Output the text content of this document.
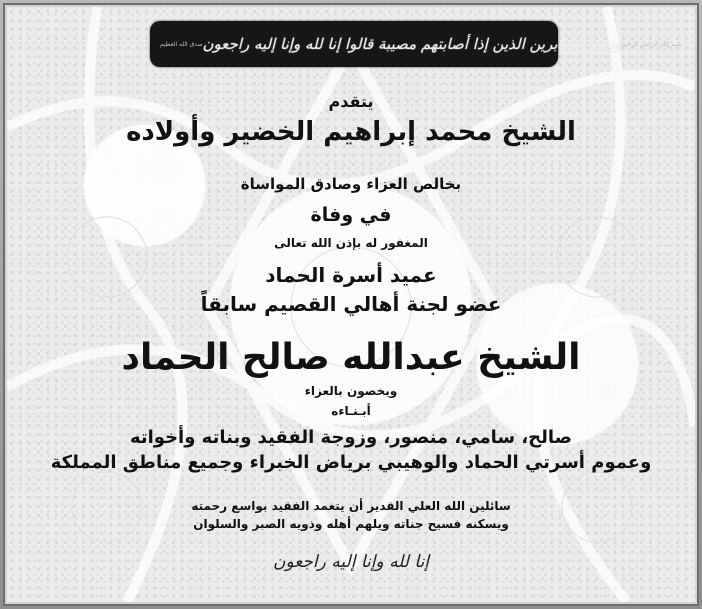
صدق الله العظيم وبشر الصابرين الذين إذا أصابتهم مصيبة قالوا إنا لله وإنا إليه راجعون بسم الله الرحمن الرحيم
يتقدم
الشيخ محمد إبراهيم الخضير وأولاده
بخالص العزاء وصادق المواساة
في وفاة
المغفور له بإذن الله تعالى
عميد أسرة الحماد
عضو لجنة أهالي القصيم سابقاً
الشيخ عبدالله صالح الحماد
ويخصون بالعزاء
أبـنـاءه
صالح، سامي، منصور، وزوجة الفقيد وبناته وأخواته
وعموم أسرتي الحماد والوهيبي برياض الخبراء وجميع مناطق المملكة
سائلين الله العلي القدير أن يتغمد الفقيد بواسع رحمته
ويسكنه فسيح جناته ويلهم أهله وذويه الصبر والسلوان
إنا لله وإنا إليه راجعون
